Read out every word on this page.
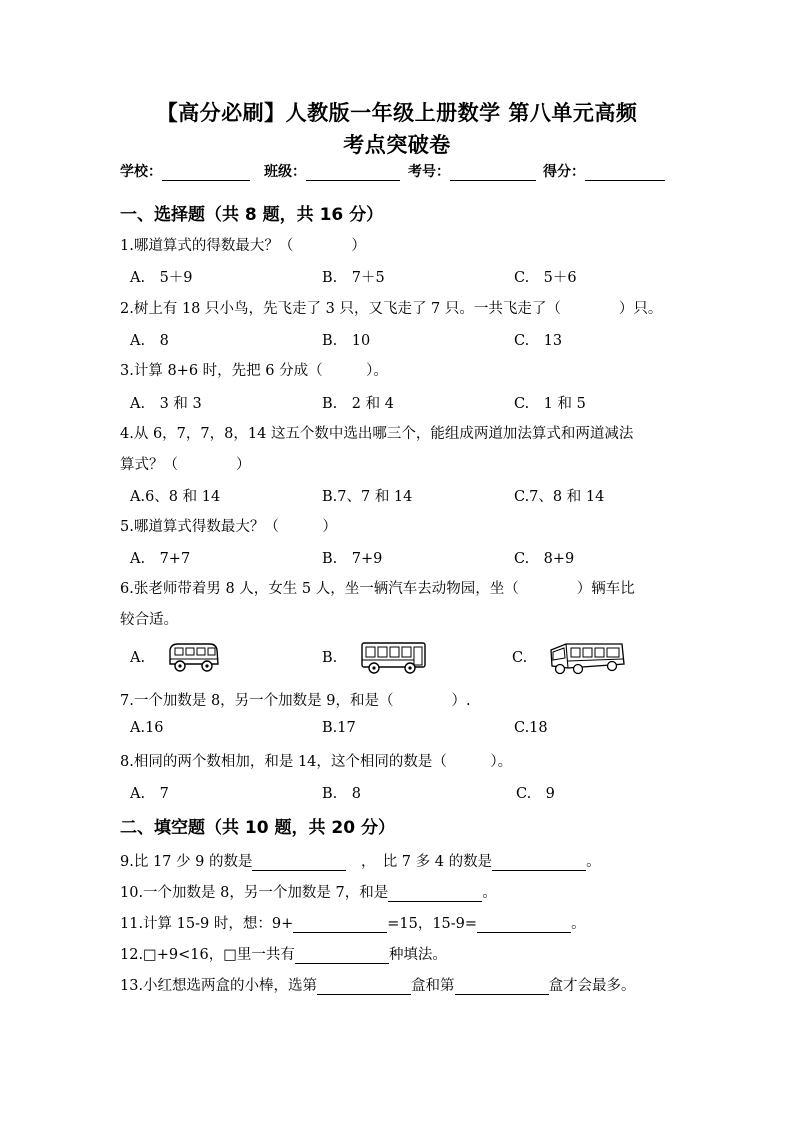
【高分必刷】人教版一年级上册数学 第八单元高频
考点突破卷
学校：	班级：	考号：	得分：
一、选择题（共 8 题，共 16 分）
1.哪道算式的得数最大？（　　　　）
A.　5＋9	B.　7＋5	C.　5＋6
2.树上有 18 只小鸟，先飞走了 3 只，又飞走了 7 只。一共飞走了（　　　　）只。
A.　8	B.　10	C.　13
3.计算 8+6 时，先把 6 分成（　　　）。
A.　3 和 3	B.　2 和 4	C.　1 和 5
4.从 6，7，7，8，14 这五个数中选出哪三个，能组成两道加法算式和两道减法
算式？（　　　　）
A.6、8 和 14	B.7、7 和 14	C.7、8 和 14
5.哪道算式得数最大？（　　　）
A.　7+7	B.　7+9	C.　8+9
6.张老师带着男 8 人，女生 5 人，坐一辆汽车去动物园，坐（　　　　）辆车比
较合适。
A.	B.	C.
7.一个加数是 8，另一个加数是 9，和是（　　　　）.
A.16	B.17	C.18
8.相同的两个数相加，和是 14，这个相同的数是（　　　）。
A.　7	B.　8	C.　9
二、填空题（共 10 题，共 20 分）
9.比 17 少 9 的数是　	，　比 7 多 4 的数是	。
10.一个加数是 8，另一个加数是 7，和是	。
11.计算 15-9 时，想：9+	=15，15-9=	。
12.□+9<16，□里一共有	种填法。
13.小红想选两盒的小棒，选第	盒和第	盒才会最多。
